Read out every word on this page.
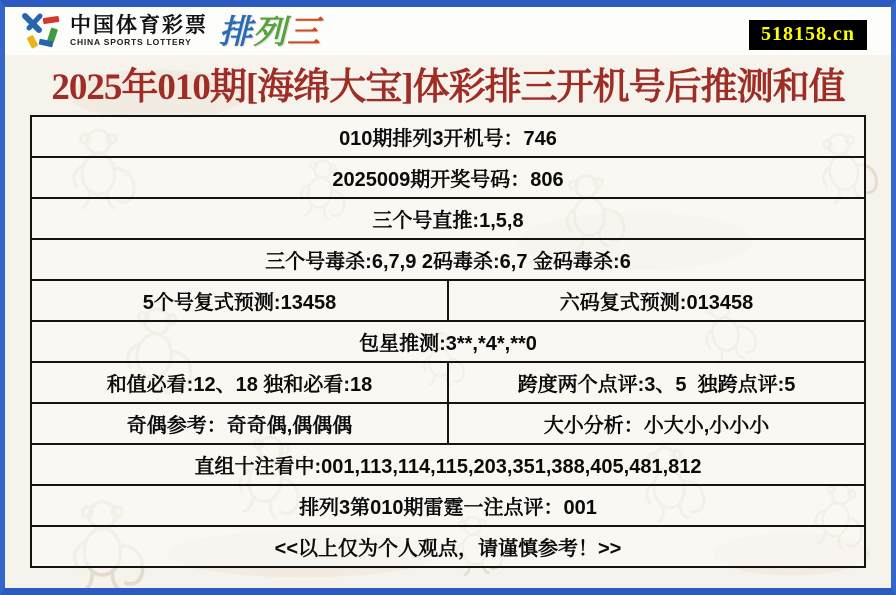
中国体育彩票
CHINA SPORTS LOTTERY 排 列 三	518158.cn
2025年010期[海绵大宝]体彩排三开机号后推测和值
010期排列3开机号：746
2025009期开奖号码：806
三个号直推:1,5,8
三个号毒杀:6,7,9 2码毒杀:6,7 金码毒杀:6
5个号复式预测:13458	六码复式预测:013458
包星推测:3**,*4*,**0
和值必看:12、18 独和必看:18	跨度两个点评:3、5  独跨点评:5
奇偶参考：奇奇偶,偶偶偶	大小分析：小大小,小小小
直组十注看中:001,113,114,115,203,351,388,405,481,812
排列3第010期雷霆一注点评：001
<<以上仅为个人观点，请谨慎参考！>>
